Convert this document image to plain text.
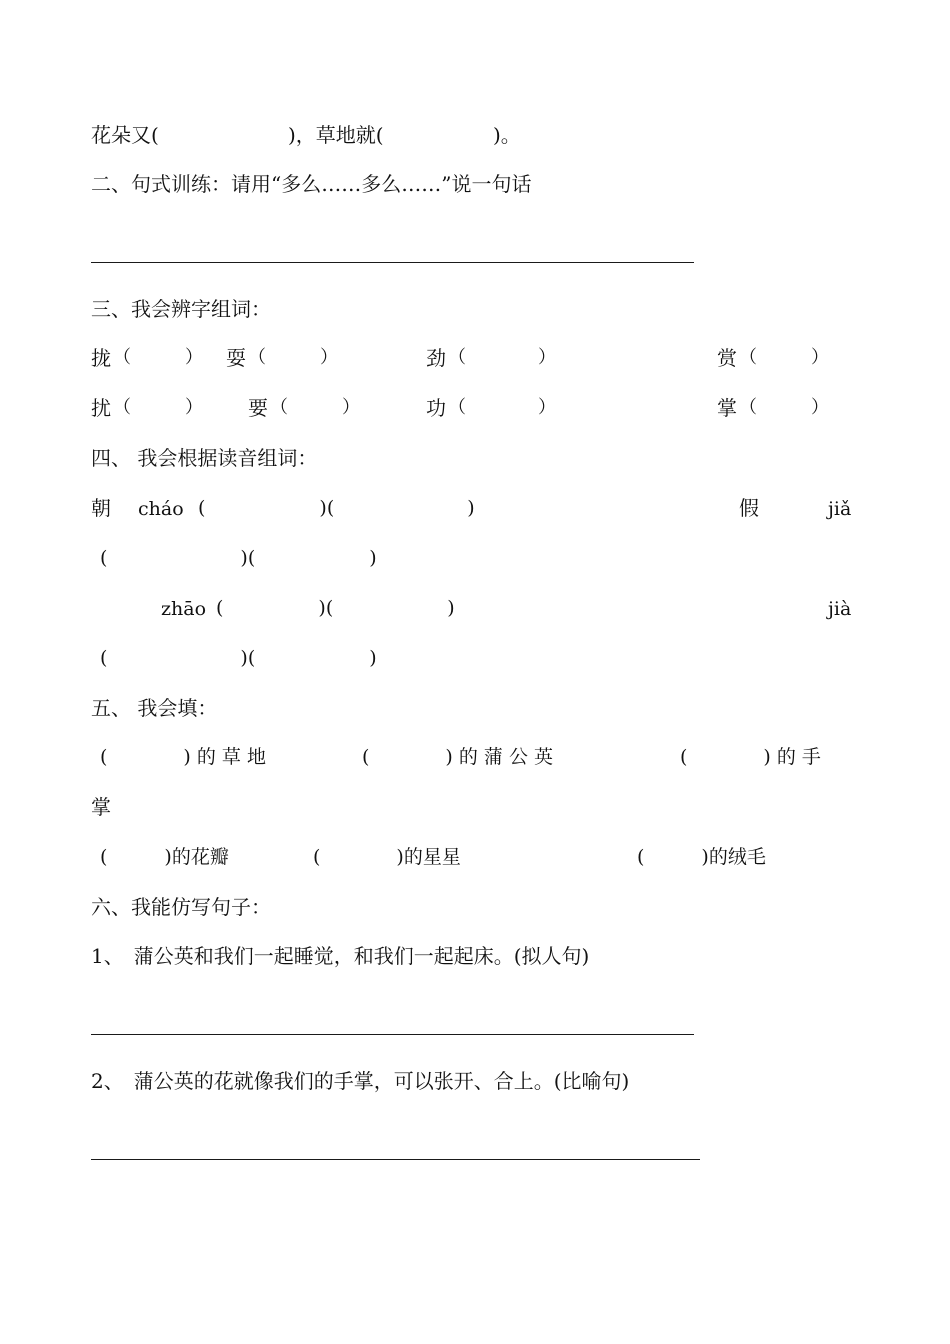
花朵又(	)，草地就(	)。
二、句式训练：请用“多么……多么……”说一句话
三、我会辨字组词：
拢 （　　　） 耍 （　　　）	劲 （　　　　）	赏 （　　　）
扰 （　　　） 要 （　　　）	功 （　　　　）	掌 （　　　）
四、 我会根据读音组词：
朝 cháo (　　　　　　)(　　　　　　　)	假	jiǎ
(　　　　　　　)(　　　　　　)
zhāo (　　　　　)(　　　　　　)	jià
(　　　　　　　)(　　　　　　)
五、 我会填：
(　　　　) 的 草 地	(　　　　) 的 蒲 公 英	(　　　　) 的 手
掌
(　　　)的花瓣	(　　　　)的星星	(　　　)的绒毛
六、我能仿写句子：
1、　蒲公英和我们一起睡觉，和我们一起起床。(拟人句)
2、　蒲公英的花就像我们的手掌，可以张开、合上。(比喻句)
